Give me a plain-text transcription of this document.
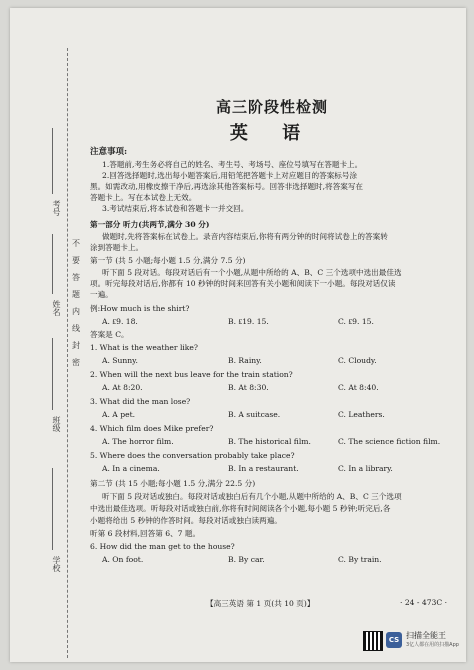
考号
姓名
班级
学校
不
要
答
题
内
线
封
密
高三阶段性检测
英 语
注意事项:
1.答题前,考生务必将自己的姓名、考生号、考场号、座位号填写在答题卡上。
2.回答选择题时,选出每小题答案后,用铅笔把答题卡上对应题目的答案标号涂
黑。如需改动,用橡皮擦干净后,再选涂其他答案标号。回答非选择题时,将答案写在
答题卡上。写在本试卷上无效。
3.考试结束后,将本试卷和答题卡一并交回。
第一部分 听力(共两节,满分 30 分)
做题时,先将答案标在试卷上。录音内容结束后,你将有两分钟的时间将试卷上的答案转
涂到答题卡上。
第一节 (共 5 小题;每小题 1.5 分,满分 7.5 分)
听下面 5 段对话。每段对话后有一个小题,从题中所给的 A、B、C 三个选项中选出最佳选
项。听完每段对话后,你都有 10 秒钟的时间来回答有关小题和阅读下一小题。每段对话仅读
一遍。
例:How much is the shirt?
A. ₤9. 18.	B. ₤19. 15.	C. ₤9. 15.
答案是 C。
1. What is the weather like?
A. Sunny.	B. Rainy.	C. Cloudy.
2. When will the next bus leave for the train station?
A. At 8:20.	B. At 8:30.	C. At 8:40.
3. What did the man lose?
A. A pet.	B. A suitcase.	C. Leathers.
4. Which film does Mike prefer?
A. The horror film.	B. The historical film.	C. The science fiction film.
5. Where does the conversation probably take place?
A. In a cinema.	B. In a restaurant.	C. In a library.
第二节 (共 15 小题;每小题 1.5 分,满分 22.5 分)
听下面 5 段对话或独白。每段对话或独白后有几个小题,从题中所给的 A、B、C 三个选项
中选出最佳选项。听每段对话或独白前,你将有时间阅读各个小题,每小题 5 秒钟;听完后,各
小题将给出 5 秒钟的作答时间。每段对话或独白读两遍。
听第 6 段材料,回答第 6、7 题。
6. How did the man get to the house?
A. On foot.	B. By car.	C. By train.
【高三英语 第 1 页(共 10 页)】	· 24 - 473C ·
CS 扫描全能王
3亿人都在用的扫描App
